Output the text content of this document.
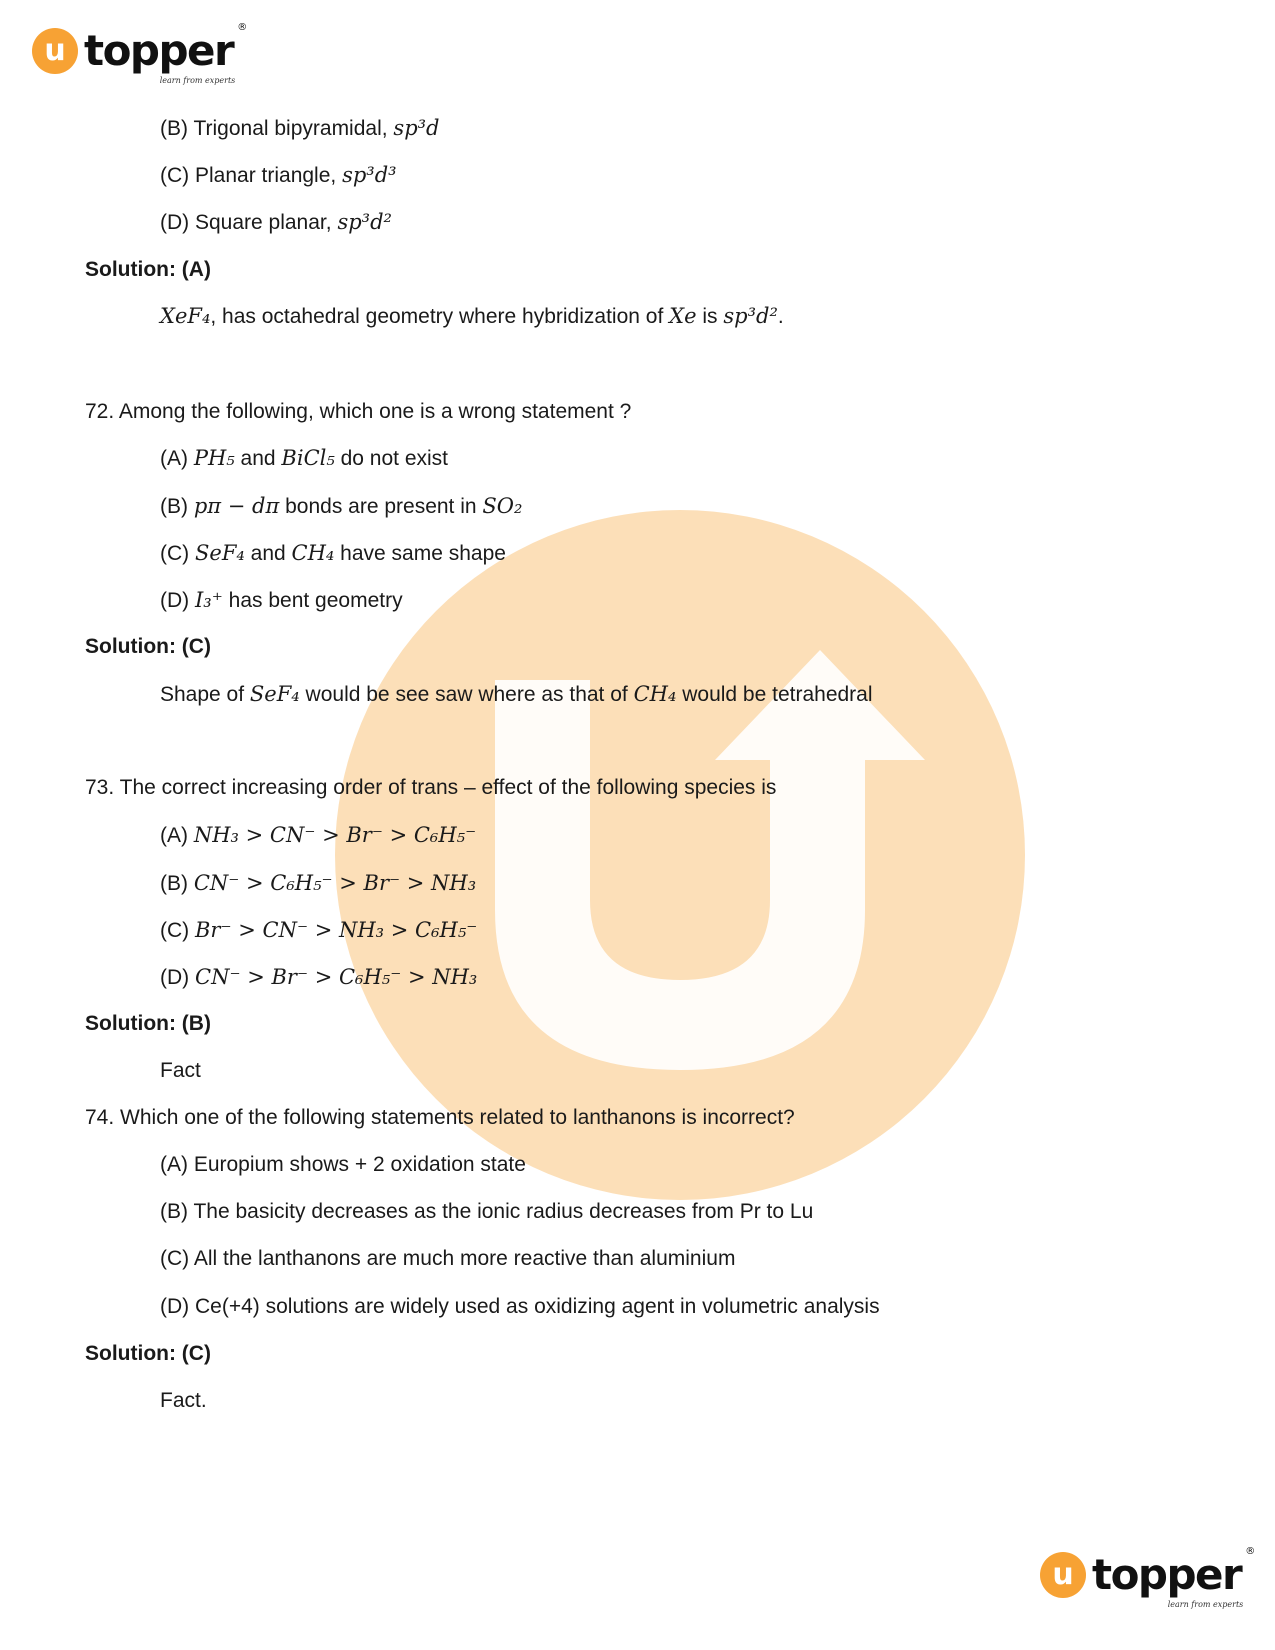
u topper ®
learn from experts
(B) Trigonal bipyramidal, sp³d
(C) Planar triangle, sp³d³
(D) Square planar, sp³d²
Solution: (A)
XeF₄, has octahedral geometry where hybridization of Xe is sp³d².
72. Among the following, which one is a wrong statement ?
(A) PH₅ and BiCl₅ do not exist
(B) pπ − dπ bonds are present in SO₂
(C) SeF₄ and CH₄ have same shape
(D) I₃⁺ has bent geometry
Solution: (C)
Shape of SeF₄ would be see saw where as that of CH₄ would be tetrahedral
73. The correct increasing order of trans – effect of the following species is
(A) NH₃ > CN⁻ > Br⁻ > C₆H₅⁻
(B) CN⁻ > C₆H₅⁻ > Br⁻ > NH₃
(C) Br⁻ > CN⁻ > NH₃ > C₆H₅⁻
(D) CN⁻ > Br⁻ > C₆H₅⁻ > NH₃
Solution: (B)
Fact
74. Which one of the following statements related to lanthanons is incorrect?
(A) Europium shows + 2 oxidation state
(B) The basicity decreases as the ionic radius decreases from Pr to Lu
(C) All the lanthanons are much more reactive than aluminium
(D) Ce(+4) solutions are widely used as oxidizing agent in volumetric analysis
Solution: (C)
Fact.
u topper ®
learn from experts
